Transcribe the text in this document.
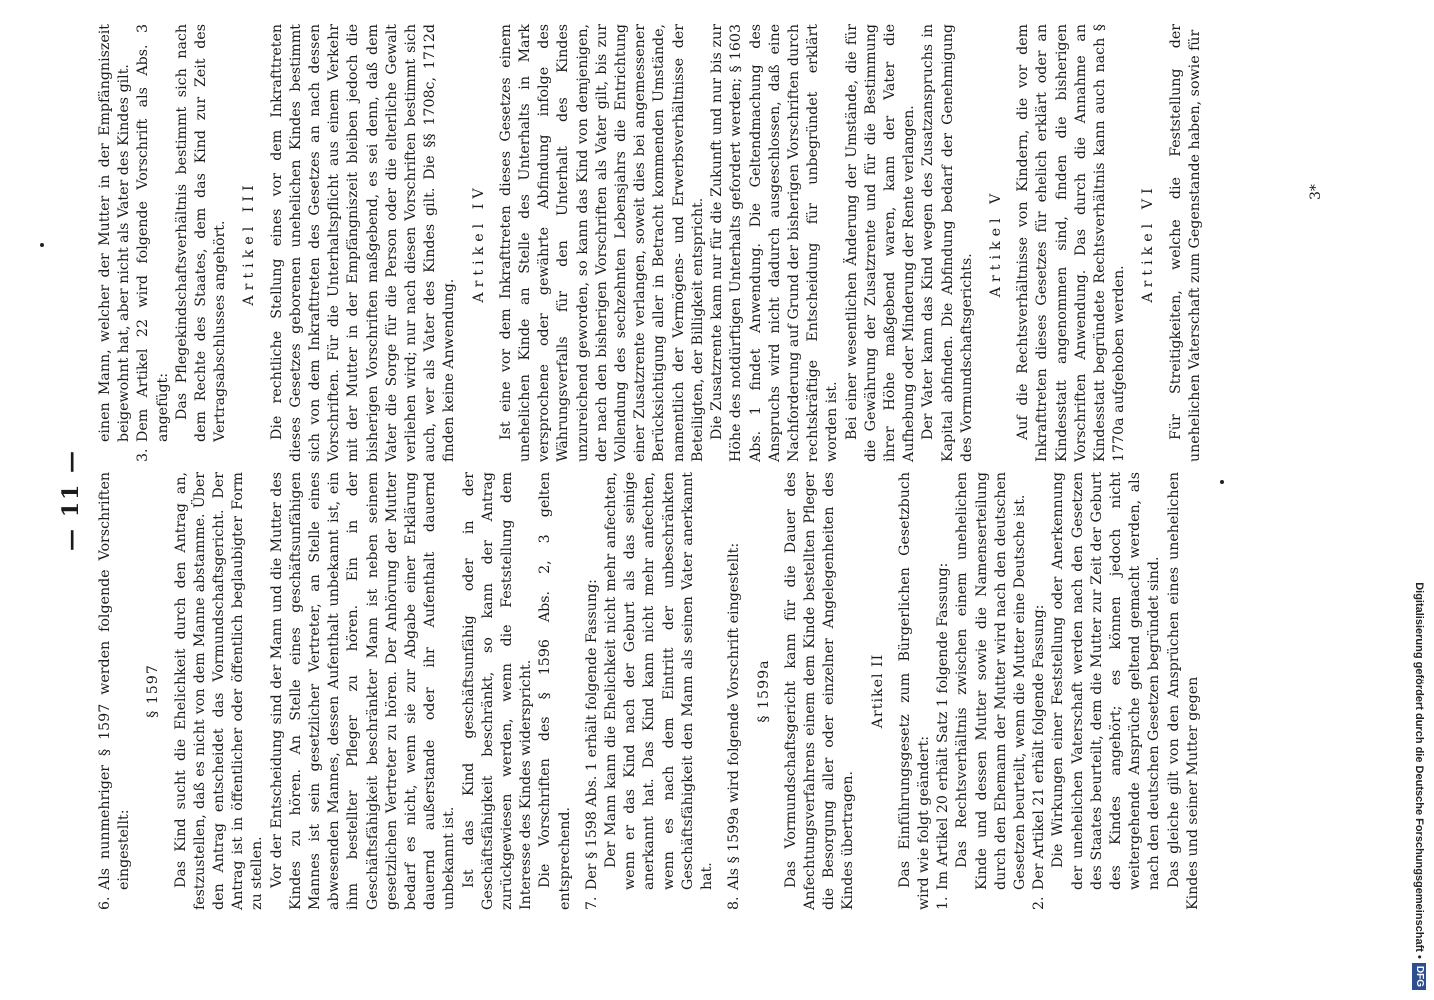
— 11 —

6.Als nunmehriger § 1597 werden folgende Vorschriften eingestellt:

§ 1597 Das Kind sucht die Ehelichkeit durch den Antrag an, festzustellen, daß es nicht von dem Manne abstamme. Über den Antrag entscheidet das Vormundschaftsgericht. Der Antrag ist in öffentlicher oder öffentlich beglaubigter Form zu stellen. Vor der Entscheidung sind der Mann und die Mutter des Kindes zu hören. An Stelle eines geschäftsunfähigen Mannes ist sein gesetzlicher Vertreter, an Stelle eines abwesenden Mannes, dessen Aufenthalt unbekannt ist, ein ihm bestellter Pfleger zu hören. Ein in der Geschäftsfähigkeit beschränkter Mann ist neben seinem gesetzlichen Vertreter zu hören. Der Anhörung der Mutter bedarf es nicht, wenn sie zur Abgabe einer Erklärung dauernd außerstande oder ihr Aufenthalt dauernd unbekannt ist. Ist das Kind geschäftsunfähig oder in der Geschäftsfähigkeit beschränkt, so kann der Antrag zurückgewiesen werden, wenn die Feststellung dem Interesse des Kindes widerspricht. Die Vorschriften des § 1596 Abs. 2, 3 gelten entsprechend. 7.Der § 1598 Abs. 1 erhält folgende Fassung: Der Mann kann die Ehelichkeit nicht mehr anfechten, wenn er das Kind nach der Geburt als das seinige anerkannt hat. Das Kind kann nicht mehr anfechten, wenn es nach dem Eintritt der unbeschränkten Geschäftsfähigkeit den Mann als seinen Vater anerkannt hat.

8.Als § 1599a wird folgende Vorschrift eingestellt: § 1599a Das Vormundschaftsgericht kann für die Dauer des Anfechtungsverfahrens einem dem Kinde bestellten Pfleger die Besorgung aller oder einzelner Angelegenheiten des Kindes übertragen.

Artikel II Das Einführungsgesetz zum Bürgerlichen Gesetzbuch wird wie folgt geändert: 1.Im Artikel 20 erhält Satz 1 folgende Fassung: Das Rechtsverhältnis zwischen einem unehelichen Kinde und dessen Mutter sowie die Namenserteilung durch den Ehemann der Mutter wird nach den deutschen Gesetzen beurteilt, wenn die Mutter eine Deutsche ist.

2.Der Artikel 21 erhält folgende Fassung: Die Wirkungen einer Feststellung oder Anerkennung der unehelichen Vaterschaft werden nach den Gesetzen des Staates beurteilt, dem die Mutter zur Zeit der Geburt des Kindes angehört; es können jedoch nicht weitergehende Ansprüche geltend gemacht werden, als nach den deutschen Gesetzen begründet sind. Das gleiche gilt von den Ansprüchen eines unehelichen Kindes und seiner Mutter gegen

einen Mann, welcher der Mutter in der Empfängniszeit beigewohnt hat, aber nicht als Vater des Kindes gilt.

3.Dem Artikel 22 wird folgende Vorschrift als Abs. 3 angefügt: Das Pflegekindschaftsverhältnis bestimmt sich nach dem Rechte des Staates, dem das Kind zur Zeit des Vertragsabschlusses angehört. Artikel III Die rechtliche Stellung eines vor dem Inkrafttreten dieses Gesetzes geborenen unehelichen Kindes bestimmt sich von dem Inkrafttreten des Gesetzes an nach dessen Vorschriften. Für die Unterhaltspflicht aus einem Verkehr mit der Mutter in der Empfängniszeit bleiben jedoch die bisherigen Vorschriften maßgebend, es sei denn, daß dem Vater die Sorge für die Person oder die elterliche Gewalt verliehen wird; nur nach diesen Vorschriften bestimmt sich auch, wer als Vater des Kindes gilt. Die §§ 1708c, 1712d finden keine Anwendung.

Artikel IV Ist eine vor dem Inkrafttreten dieses Gesetzes einem unehelichen Kinde an Stelle des Unterhalts in Mark versprochene oder gewährte Abfindung infolge des Währungsverfalls für den Unterhalt des Kindes unzureichend geworden, so kann das Kind von demjenigen, der nach den bisherigen Vorschriften als Vater gilt, bis zur Vollendung des sechzehnten Lebensjahrs die Entrichtung einer Zusatzrente verlangen, soweit dies bei angemessener Berücksichtigung aller in Betracht kommenden Umstände, namentlich der Vermögens- und Erwerbsverhältnisse der Beteiligten, der Billigkeit entspricht. Die Zusatzrente kann nur für die Zukunft und nur bis zur Höhe des notdürftigen Unterhalts gefordert werden; § 1603 Abs. 1 findet Anwendung. Die Geltendmachung des Anspruchs wird nicht dadurch ausgeschlossen, daß eine Nachforderung auf Grund der bisherigen Vorschriften durch rechtskräftige Entscheidung für unbegründet erklärt worden ist. Bei einer wesentlichen Änderung der Umstände, die für die Gewährung der Zusatzrente und für die Bestimmung ihrer Höhe maßgebend waren, kann der Vater die Aufhebung oder Minderung der Rente verlangen. Der Vater kann das Kind wegen des Zusatzanspruchs in Kapital abfinden. Die Abfindung bedarf der Genehmigung des Vormundschaftsgerichts.

Artikel V Auf die Rechtsverhältnisse von Kindern, die vor dem Inkrafttreten dieses Gesetzes für ehelich erklärt oder an Kindesstatt angenommen sind, finden die bisherigen Vorschriften Anwendung. Das durch die Annahme an Kindesstatt begründete Rechtsverhältnis kann auch nach § 1770a aufgehoben werden.

Artikel VI Für Streitigkeiten, welche die Feststellung der unehelichen Vaterschaft zum Gegenstande haben, sowie für	3*
Digitalisierung gefördert durch die Deutsche Forschungsgemeinschaft •
DFG
